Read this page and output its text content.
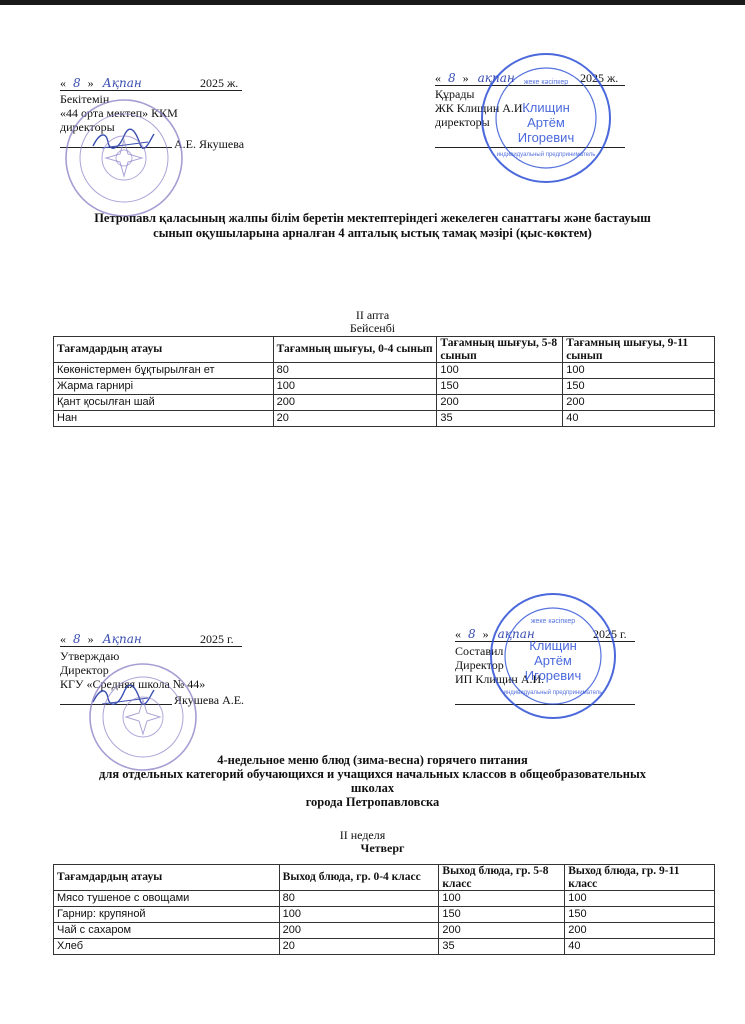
« 8 » Ақпан	2025 ж.
Бекітемін
«44 орта мектеп» ККМ
директоры
А.Е. Якушева
« 8 » ақпан	2025 ж.
Құрады
ЖК Клищин А.И.
директоры
Клищин
Артём
Игоревич
жеке кәсіпкер
индивидуальный предприниматель
Петропавл қаласының жалпы білім беретін мектептеріндегі жекелеген санаттағы және бастауыш
сынып оқушыларына арналған 4 апталық ыстық тамақ мәзірі (қыс-көктем)
II апта
Бейсенбі
Тағамдардың атауы	Тағамның шығуы, 0-4 сынып	Тағамның шығуы, 5-8 сынып	Тағамның шығуы, 9-11 сынып
Көкөністермен бұқтырылған ет	80	100	100
Жарма гарнирі	100	150	150
Қант қосылған шай	200	200	200
Нан	20	35	40
« 8 » Ақпан	2025 г.
Утверждаю
Директор
КГУ «Средняя школа № 44»
Якушева А.Е.
« 8 » ақпан	2025 г.
Составил
Директор
ИП Клищин А.И.
Клищин
Артём
Игоревич
жеке кәсіпкер
индивидуальный предприниматель
4-недельное меню блюд (зима-весна) горячего питания
для отдельных категорий обучающихся и учащихся начальных классов в общеобразовательных
школах
города Петропавловска
II неделя
Четверг
Тағамдардың атауы	Выход блюда, гр. 0-4 класс	Выход блюда, гр. 5-8 класс	Выход блюда, гр. 9-11 класс
Мясо тушеное с овощами	80	100	100
Гарнир: крупяной	100	150	150
Чай с сахаром	200	200	200
Хлеб	20	35	40
